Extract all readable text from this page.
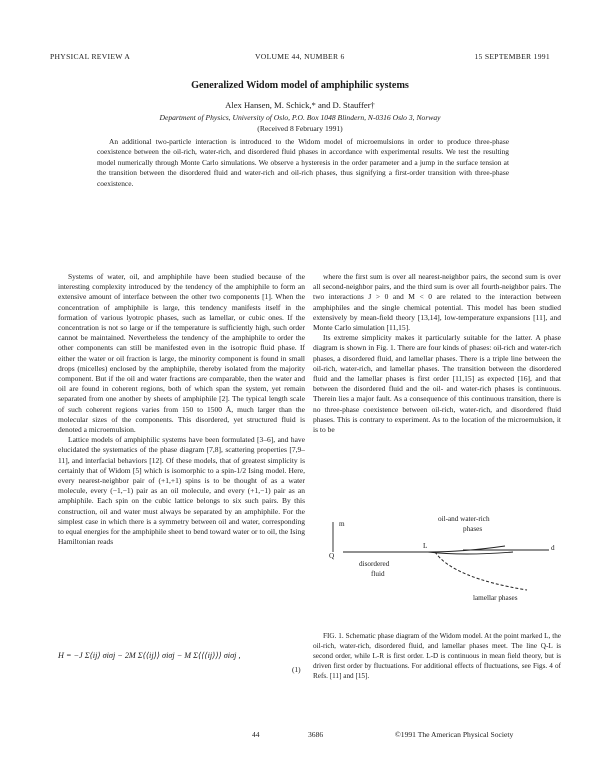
PHYSICAL REVIEW A	VOLUME 44, NUMBER 6	15 SEPTEMBER 1991
Generalized Widom model of amphiphilic systems
Alex Hansen, M. Schick,* and D. Stauffer†
Department of Physics, University of Oslo, P.O. Box 1048 Blindern, N-0316 Oslo 3, Norway
(Received 8 February 1991)
An additional two-particle interaction is introduced to the Widom model of microemulsions in order to produce three-phase coexistence between the oil-rich, water-rich, and disordered fluid phases in accordance with experimental results. We test the resulting model numerically through Monte Carlo simulations. We observe a hysteresis in the order parameter and a jump in the surface tension at the transition between the disordered fluid and water-rich and oil-rich phases, thus signifying a first-order transition with three-phase coexistence.

Systems of water, oil, and amphiphile have been studied because of the interesting complexity introduced by the tendency of the amphiphile to form an extensive amount of interface between the other two components [1]. When the concentration of amphiphile is large, this tendency manifests itself in the formation of various lyotropic phases, such as lamellar, or cubic ones. If the concentration is not so large or if the temperature is sufficiently high, such order cannot be maintained. Nevertheless the tendency of the amphiphile to order the other components can still be manifested even in the isotropic fluid phase. If either the water or oil fraction is large, the minority component is found in small drops (micelles) enclosed by the amphiphile, thereby isolated from the majority component. But if the oil and water fractions are comparable, then the water and oil are found in coherent regions, both of which span the system, yet remain separated from one another by sheets of amphiphile [2]. The typical length scale of such coherent regions varies from 150 to 1500 Å, much larger than the molecular sizes of the components. This disordered, yet structured fluid is denoted a microemulsion.

Lattice models of amphiphilic systems have been formulated [3–6], and have elucidated the systematics of the phase diagram [7,8], scattering properties [7,9–11], and interfacial behaviors [12]. Of these models, that of greatest simplicity is certainly that of Widom [5] which is isomorphic to a spin-1/2 Ising model. Here, every nearest-neighbor pair of (+1,+1) spins is to be thought of as a water molecule, every (−1,−1) pair as an oil molecule, and every (+1,−1) pair as an amphiphile. Each spin on the cubic lattice belongs to six such pairs. By this construction, oil and water must always be separated by an amphiphile. For the simplest case in which there is a symmetry between oil and water, corresponding to equal energies for the amphiphile sheet to bend toward water or to oil, the Ising Hamiltonian reads

H = −J Σ⟨ij⟩ σiσj − 2M Σ⟨⟨ij⟩⟩ σiσj − M Σ⟨⟨⟨ij⟩⟩⟩ σiσj ,
(1)

where the first sum is over all nearest-neighbor pairs, the second sum is over all second-neighbor pairs, and the third sum is over all fourth-neighbor pairs. The two interactions J > 0 and M < 0 are related to the interaction between amphiphiles and the single chemical potential. This model has been studied extensively by mean-field theory [13,14], low-temperature expansions [11], and Monte Carlo simulation [11,15].

Its extreme simplicity makes it particularly suitable for the latter. A phase diagram is shown in Fig. 1. There are four kinds of phases: oil-rich and water-rich phases, a disordered fluid, and lamellar phases. There is a triple line between the oil-rich, water-rich, and lamellar phases. The transition between the disordered fluid and the lamellar phases is first order [11,15] as expected [16], and that between the disordered fluid and the oil- and water-rich phases is continuous. Therein lies a major fault. As a consequence of this continuous transition, there is no three-phase coexistence between oil-rich, water-rich, and disordered fluid phases. This is contrary to experiment. As to the location of the microemulsion, it is to be

m
d
oil-and water-rich
phases
disordered
fluid
L
Q
lamellar phases
FIG. 1. Schematic phase diagram of the Widom model. At the point marked L, the oil-rich, water-rich, disordered fluid, and lamellar phases meet. The line Q-L is second order, while L-R is first order. L-D is continuous in mean field theory, but is driven first order by fluctuations. For additional effects of fluctuations, see Figs. 4 of Refs. [11] and [15].
44	3686	©1991 The American Physical Society
